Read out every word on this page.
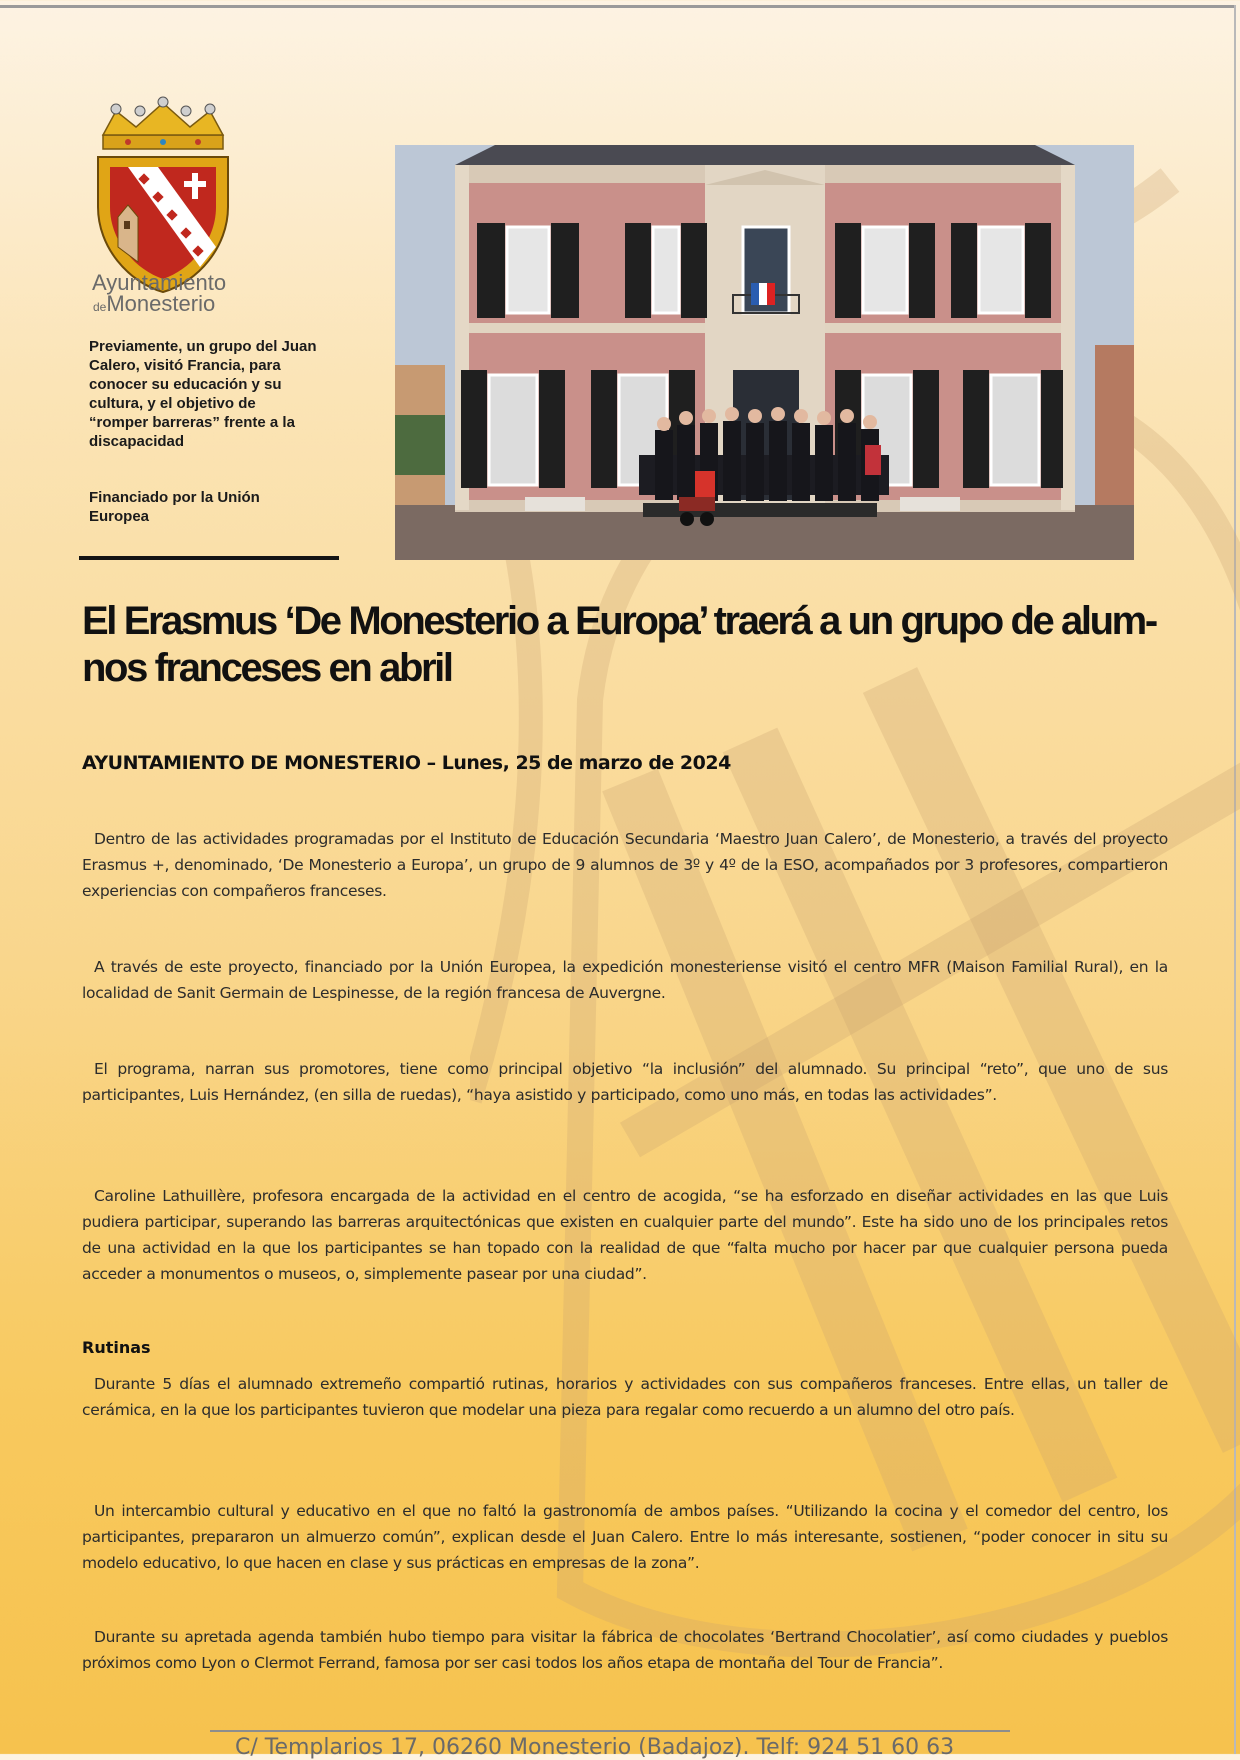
Ayuntamiento
deMonesterio

Previamente, un grupo del Juan Calero, visitó Francia, para conocer su educación y su cultura, y el objetivo de “romper barreras” frente a la discapacidad

Financiado por la Unión Europea

El Erasmus ‘De Monesterio a Europa’ traerá a un grupo de alum-
nos franceses en abril

AYUNTAMIENTO DE MONESTERIO – Lunes, 25 de marzo de 2024

Dentro de las actividades programadas por el Instituto de Educación Secundaria ‘Maestro Juan Calero’, de Monesterio, a través del proyecto Erasmus +, denominado, ‘De Monesterio a Europa’, un grupo de 9 alumnos de 3º y 4º de la ESO, acompañados por 3 profesores, compartieron experiencias con compañeros franceses.

A través de este proyecto, financiado por la Unión Europea, la expedición monesteriense visitó el centro MFR (Maison Familial Rural), en la localidad de Sanit Germain de Lespinesse, de la región francesa de Auvergne.

El programa, narran sus promotores, tiene como principal objetivo “la inclusión” del alumnado. Su principal “reto”, que uno de sus participantes, Luis Hernández, (en silla de ruedas), “haya asistido y participado, como uno más, en todas las actividades”.

Caroline Lathuillère, profesora encargada de la actividad en el centro de acogida, “se ha esforzado en diseñar actividades en las que Luis pudiera participar, superando las barreras arquitectónicas que existen en cualquier parte del mundo”. Este ha sido uno de los principales retos de una actividad en la que los participantes se han topado con la realidad de que “falta mucho por hacer par que cualquier persona pueda acceder a monumentos o museos, o, simplemente pasear por una ciudad”.

Rutinas

Durante 5 días el alumnado extremeño compartió rutinas, horarios y actividades con sus compañeros franceses. Entre ellas, un taller de cerámica, en la que los participantes tuvieron que modelar una pieza para regalar como recuerdo a un alumno del otro país.

Un intercambio cultural y educativo en el que no faltó la gastronomía de ambos países. “Utilizando la cocina y el comedor del centro, los participantes, prepararon un almuerzo común”, explican desde el Juan Calero. Entre lo más interesante, sostienen, “poder conocer in situ su modelo educativo, lo que hacen en clase y sus prácticas en empresas de la zona”.

Durante su apretada agenda también hubo tiempo para visitar la fábrica de chocolates ‘Bertrand Chocolatier’, así como ciudades y pueblos próximos como Lyon o Clermot Ferrand, famosa por ser casi todos los años etapa de montaña del Tour de Francia”.

C/ Templarios 17, 06260 Monesterio (Badajoz). Telf: 924 51 60 63
